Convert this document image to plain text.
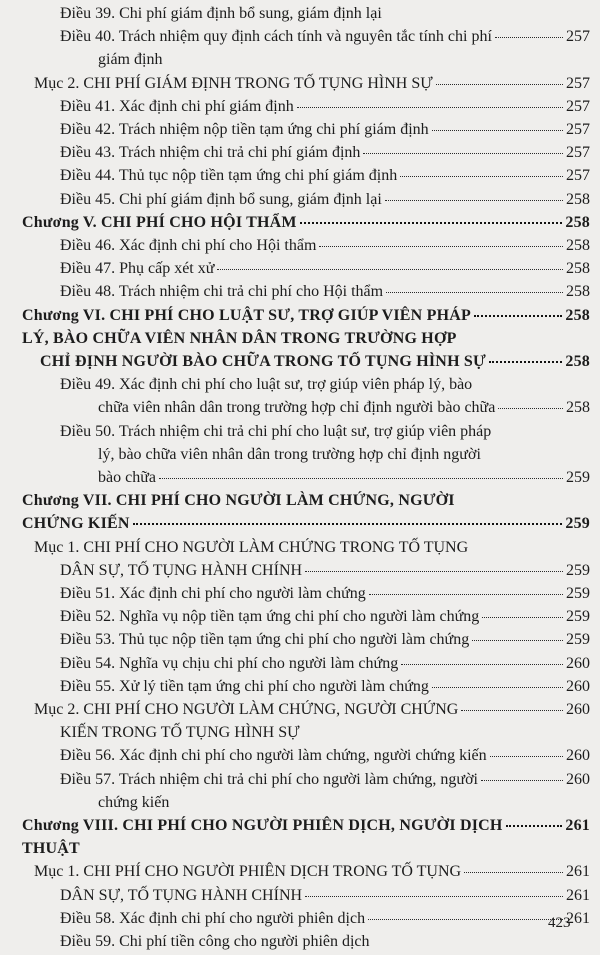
Điều 39. Chi phí giám định bổ sung, giám định lại
Điều 40. Trách nhiệm quy định cách tính và nguyên tắc tính chi phí	257
giám định
Mục 2. CHI PHÍ GIÁM ĐỊNH TRONG TỐ TỤNG HÌNH SỰ	257
Điều 41. Xác định chi phí giám định	257
Điều 42. Trách nhiệm nộp tiền tạm ứng chi phí giám định	257
Điều 43. Trách nhiệm chi trả chi phí giám định	257
Điều 44. Thủ tục nộp tiền tạm ứng chi phí giám định	257
Điều 45. Chi phí giám định bổ sung, giám định lại	258
Chương V. CHI PHÍ CHO HỘI THẨM	258
Điều 46. Xác định chi phí cho Hội thẩm	258
Điều 47. Phụ cấp xét xử	258
Điều 48. Trách nhiệm chi trả chi phí cho Hội thẩm	258
Chương VI. CHI PHÍ CHO LUẬT SƯ, TRỢ GIÚP VIÊN PHÁP	258
LÝ, BÀO CHỮA VIÊN NHÂN DÂN TRONG TRƯỜNG HỢP
CHỈ ĐỊNH NGƯỜI BÀO CHỮA TRONG TỐ TỤNG HÌNH SỰ	258
Điều 49. Xác định chi phí cho luật sư, trợ giúp viên pháp lý, bào
chữa viên nhân dân trong trường hợp chỉ định người bào chữa	258
Điều 50. Trách nhiệm chi trả chi phí cho luật sư, trợ giúp viên pháp
lý, bào chữa viên nhân dân trong trường hợp chỉ định người
bào chữa	259
Chương VII. CHI PHÍ CHO NGƯỜI LÀM CHỨNG, NGƯỜI
CHỨNG KIẾN	259
Mục 1. CHI PHÍ CHO NGƯỜI LÀM CHỨNG TRONG TỐ TỤNG
DÂN SỰ, TỐ TỤNG HÀNH CHÍNH	259
Điều 51. Xác định chi phí cho người làm chứng	259
Điều 52. Nghĩa vụ nộp tiền tạm ứng chi phí cho người làm chứng	259
Điều 53. Thủ tục nộp tiền tạm ứng chi phí cho người làm chứng	259
Điều 54. Nghĩa vụ chịu chi phí cho người làm chứng	260
Điều 55. Xử lý tiền tạm ứng chi phí cho người làm chứng	260
Mục 2. CHI PHÍ CHO NGƯỜI LÀM CHỨNG, NGƯỜI CHỨNG	260
KIẾN TRONG TỐ TỤNG HÌNH SỰ
Điều 56. Xác định chi phí cho người làm chứng, người chứng kiến	260
Điều 57. Trách nhiệm chi trả chi phí cho người làm chứng, người	260
chứng kiến
Chương VIII. CHI PHÍ CHO NGƯỜI PHIÊN DỊCH, NGƯỜI DỊCH	261
THUẬT
Mục 1. CHI PHÍ CHO NGƯỜI PHIÊN DỊCH TRONG TỐ TỤNG	261
DÂN SỰ, TỐ TỤNG HÀNH CHÍNH	261
Điều 58. Xác định chi phí cho người phiên dịch	261
Điều 59. Chi phí tiền công cho người phiên dịch
423
